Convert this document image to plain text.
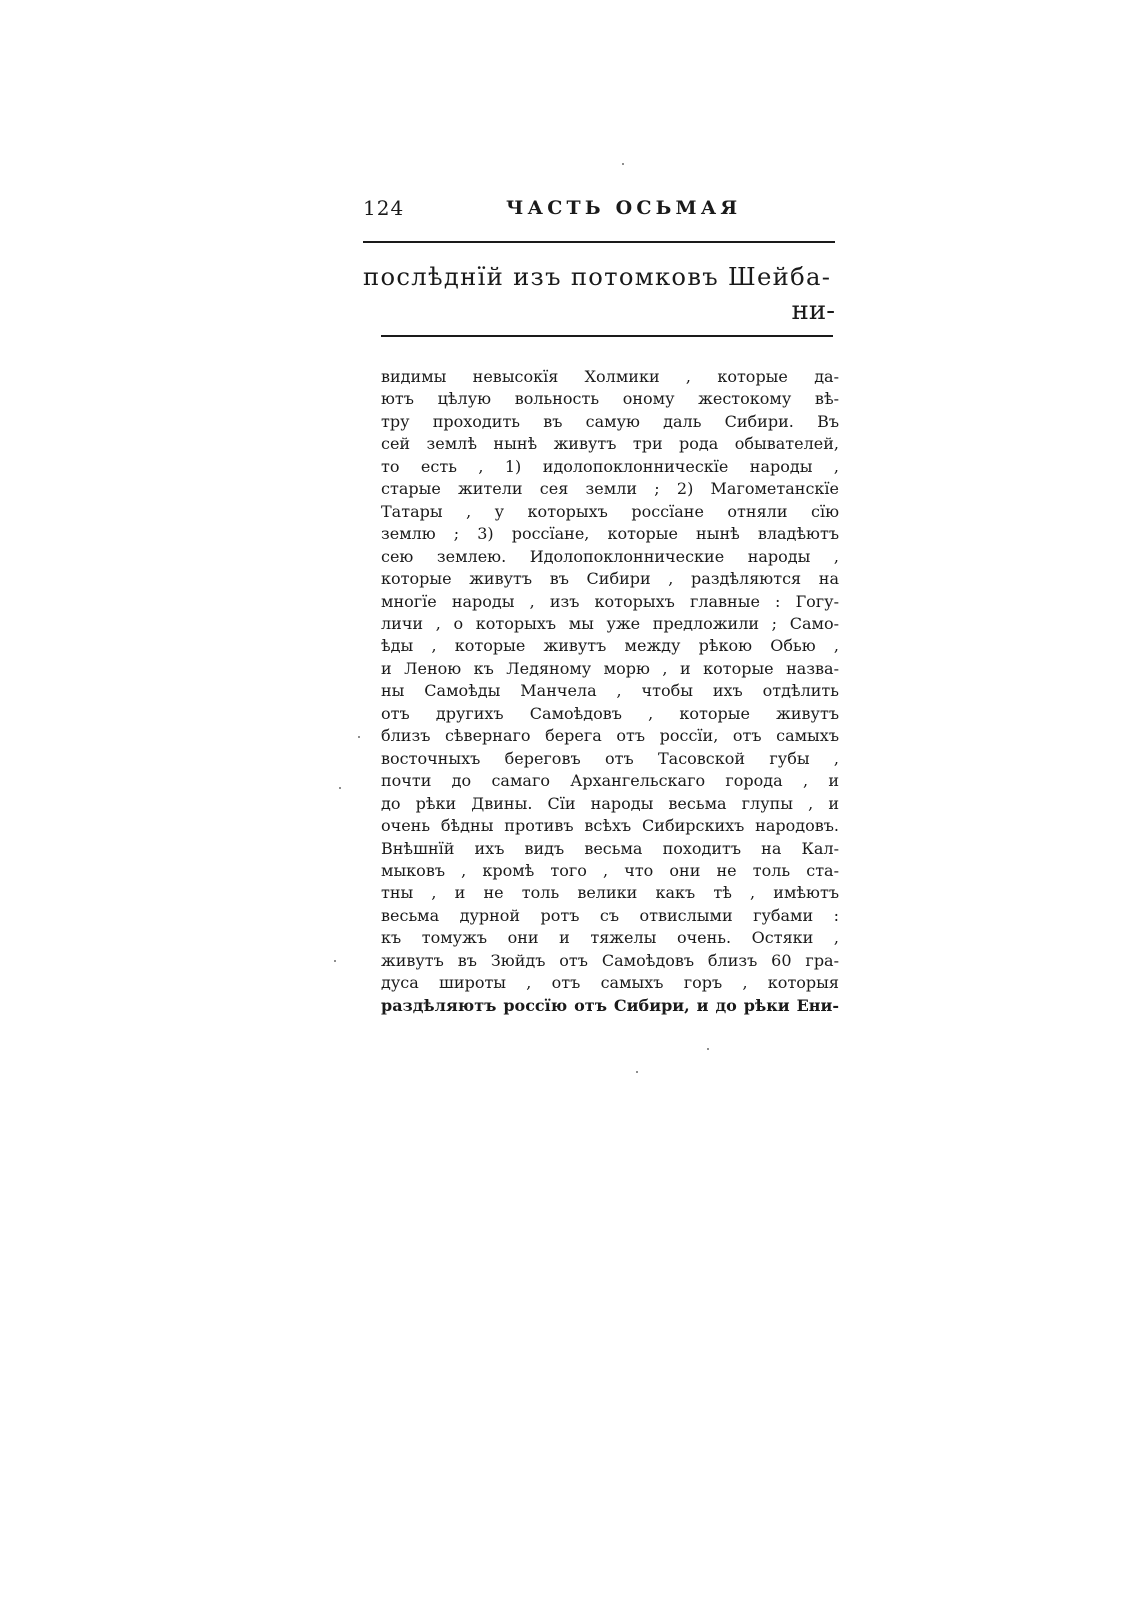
124	ЧАСТЬ ОСЬМАЯ
послѣднїй изъ потомковъ Шейба-
ни-
видимы невысокїя Холмики , которые да-
ютъ цѣлую вольность оному жестокому вѣ-
тру проходить въ самую даль Сибири. Въ
сей землѣ нынѣ живутъ три рода обывателей,
то есть , 1) идолопоклонническїе народы ,
старые жители сея земли ; 2) Магометанскїе
Татары , у которыхъ россїане отняли сїю
землю ; 3) россїане, которые нынѣ владѣютъ
сею землею. Идолопоклоннические народы ,
которые живутъ въ Сибири , раздѣляются на
многїе народы , изъ которыхъ главные : Гогу-
личи , о которыхъ мы уже предложили ; Само-
ѣды , которые живутъ между рѣкою Обью ,
и Леною къ Ледяному морю , и которые назва-
ны Самоѣды Манчела , чтобы ихъ отдѣлить
отъ другихъ Самоѣдовъ , которые живутъ
близъ сѣвернаго берега отъ россїи, отъ самыхъ
восточныхъ береговъ отъ Тасовской губы ,
почти до самаго Архангельскаго города , и
до рѣки Двины. Сїи народы весьма глупы , и
очень бѣдны противъ всѣхъ Сибирскихъ народовъ.
Внѣшнїй ихъ видъ весьма походитъ на Кал-
мыковъ , кромѣ того , что они не толь ста-
тны , и не толь велики какъ тѣ , имѣютъ
весьма дурной ротъ съ отвислыми губами :
къ томужъ они и тяжелы очень. Остяки ,
живутъ въ Зюйдъ отъ Самоѣдовъ близъ 60 гра-
дуса широты , отъ самыхъ горъ , которыя
раздѣляютъ россїю отъ Сибири, и до рѣки Ени-
